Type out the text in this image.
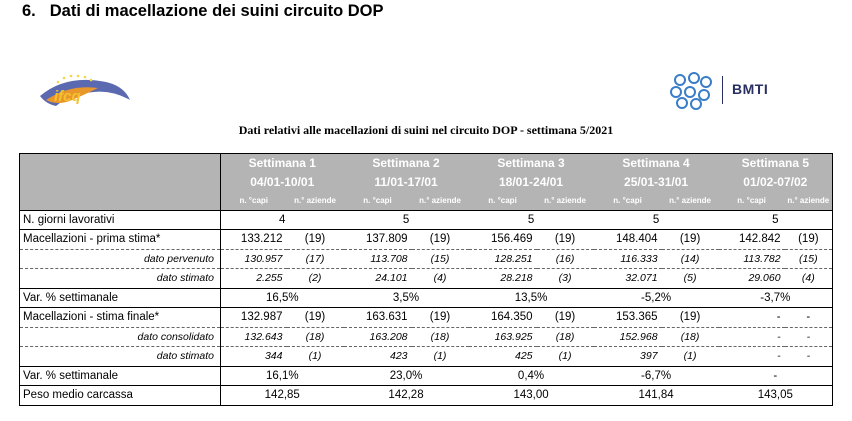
6. Dati di macellazione dei suini circuito DOP
ifcq	BMTI
Dati relativi alle macellazioni di suini nel circuito DOP - settimana 5/2021
	Settimana 1		Settimana 2		Settimana 3		Settimana 4		Settimana 5	
	04/01-10/01		11/01-17/01		18/01-24/01		25/01-31/01		01/02-07/02	
	n. °capi	n.° aziende	n. °capi	n.° aziende	n. °capi	n.° aziende	n. °capi	n.° aziende	n. °capi	n.° aziende
N. giorni lavorativi	4		5		5		5		5	
Macellazioni - prima stima*	133.212	(19)	137.809	(19)	156.469	(19)	148.404	(19)	142.842	(19)
dato pervenuto	130.957	(17)	113.708	(15)	128.251	(16)	116.333	(14)	113.782	(15)
dato stimato	2.255	(2)	24.101	(4)	28.218	(3)	32.071	(5)	29.060	(4)
Var. % settimanale	16,5%		3,5%		13,5%		-5,2%		-3,7%	
Macellazioni - stima finale*	132.987	(19)	163.631	(19)	164.350	(19)	153.365	(19)	-	-
dato consolidato	132.643	(18)	163.208	(18)	163.925	(18)	152.968	(18)	-	-
dato stimato	344	(1)	423	(1)	425	(1)	397	(1)	-	-
Var. % settimanale	16,1%		23,0%		0,4%		-6,7%		-	
Peso medio carcassa	142,85		142,28		143,00		141,84		143,05	
